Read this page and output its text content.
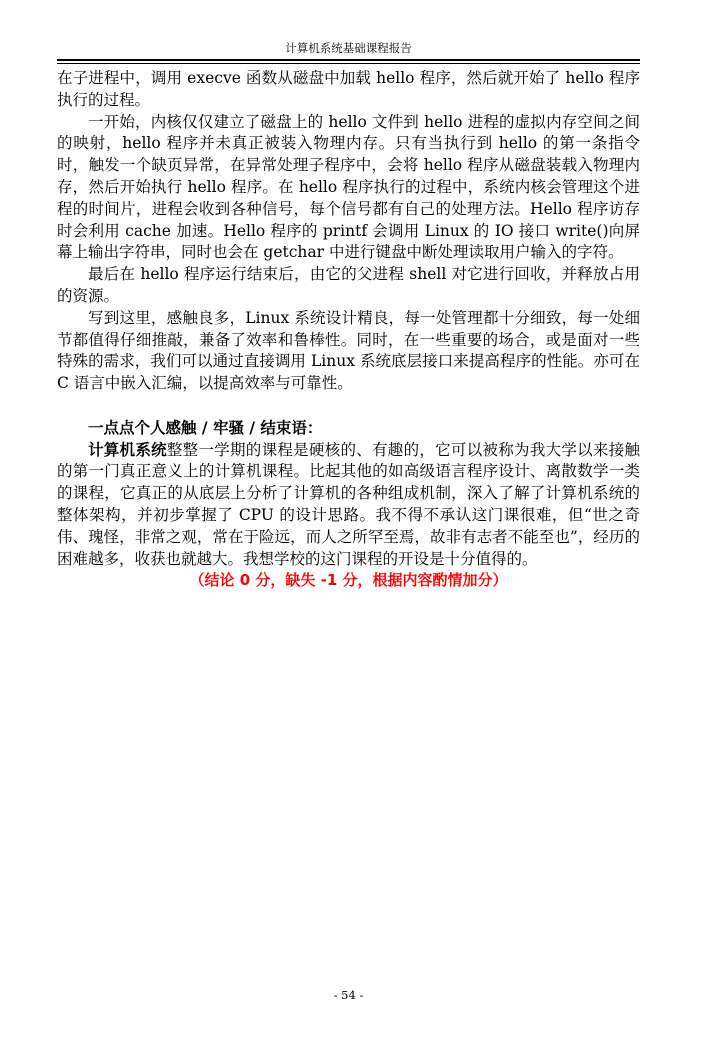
计算机系统基础课程报告

在子进程中，调用 execve 函数从磁盘中加载 hello 程序，然后就开始了 hello 程序执行的过程。

一开始，内核仅仅建立了磁盘上的 hello 文件到 hello 进程的虚拟内存空间之间的映射，hello 程序并未真正被装入物理内存。只有当执行到 hello 的第一条指令时，触发一个缺页异常，在异常处理子程序中，会将 hello 程序从磁盘装载入物理内存，然后开始执行 hello 程序。在 hello 程序执行的过程中，系统内核会管理这个进程的时间片，进程会收到各种信号，每个信号都有自己的处理方法。Hello 程序访存时会利用 cache 加速。Hello 程序的 printf 会调用 Linux 的 IO 接口 write()向屏幕上输出字符串，同时也会在 getchar 中进行键盘中断处理读取用户输入的字符。

最后在 hello 程序运行结束后，由它的父进程 shell 对它进行回收，并释放占用的资源。

写到这里，感触良多，Linux 系统设计精良，每一处管理都十分细致，每一处细节都值得仔细推敲，兼备了效率和鲁棒性。同时，在一些重要的场合，或是面对一些特殊的需求，我们可以通过直接调用 Linux 系统底层接口来提高程序的性能。亦可在 C 语言中嵌入汇编，以提高效率与可靠性。

一点点个人感触 / 牢骚 / 结束语：

计算机系统整整一学期的课程是硬核的、有趣的，它可以被称为我大学以来接触的第一门真正意义上的计算机课程。比起其他的如高级语言程序设计、离散数学一类的课程，它真正的从底层上分析了计算机的各种组成机制，深入了解了计算机系统的整体架构，并初步掌握了 CPU 的设计思路。我不得不承认这门课很难，但“世之奇伟、瑰怪，非常之观，常在于险远，而人之所罕至焉，故非有志者不能至也”，经历的困难越多，收获也就越大。我想学校的这门课程的开设是十分值得的。

（结论 0 分，缺失 -1 分，根据内容酌情加分）

- 54 -
